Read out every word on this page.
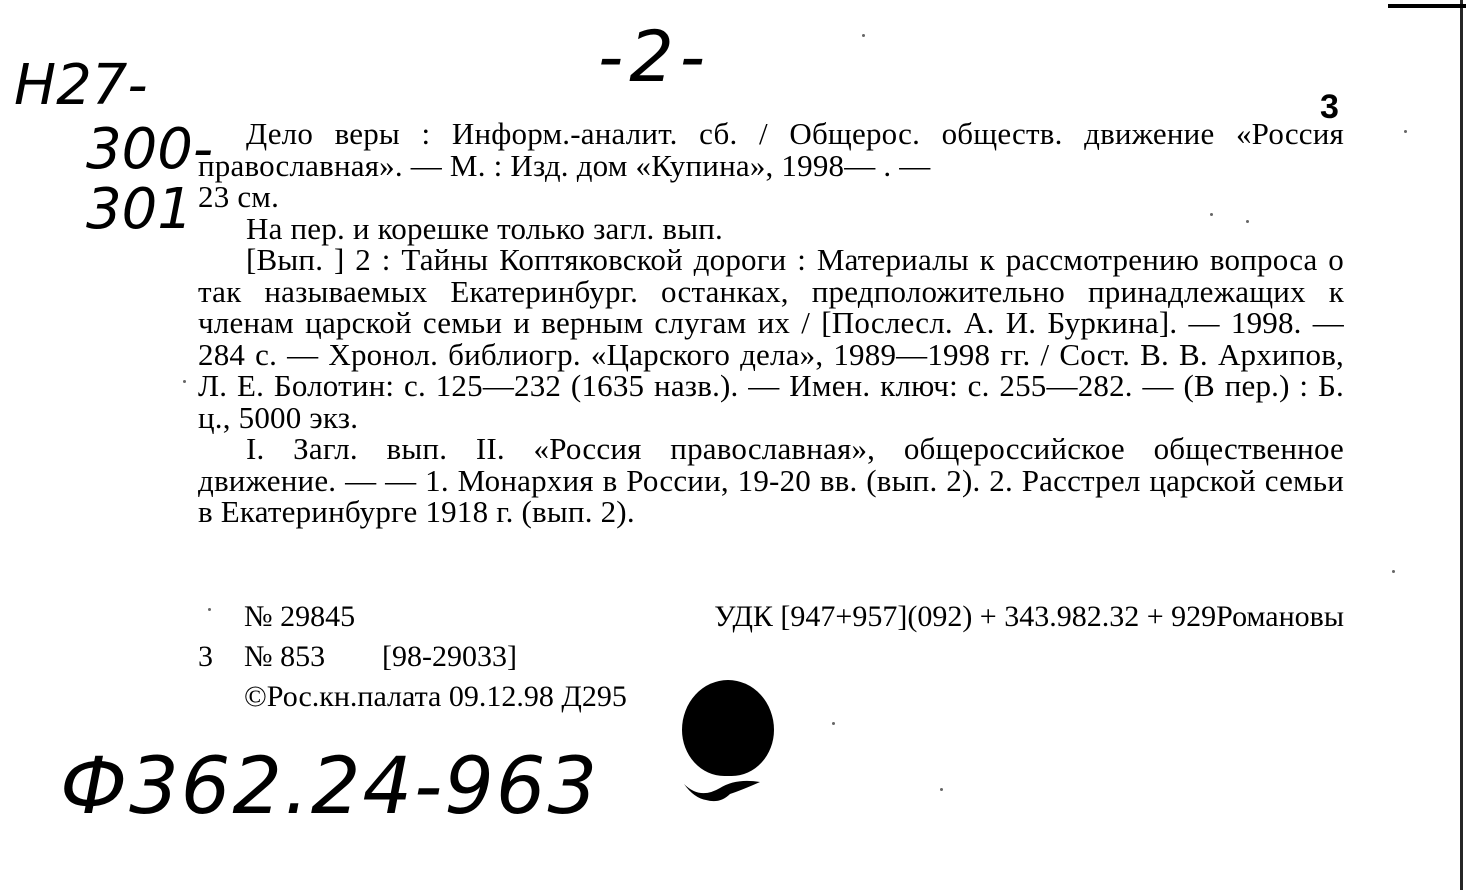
-2-
Н27-
300-
301
3

Дело веры : Информ.-аналит. сб. / Общерос. обществ. движение «Россия православная». — М. : Изд. дом «Купина», 1998— . —

23 см.

На пер. и корешке только загл. вып.

[Вып. ] 2 : Тайны Коптяковской дороги : Материалы к рассмотрению вопроса о так называемых Екатеринбург. останках, предположительно принадлежащих к членам царской семьи и верным слугам их / [Послесл. А. И. Буркина]. — 1998. — 284 с. — Хронол. библиогр. «Царского дела», 1989—1998 гг. / Сост. В. В. Архипов, Л. Е. Болотин: с. 125—232 (1635 назв.). — Имен. ключ: с. 255—282. — (В пер.) : Б. ц., 5000 экз.

I. Загл. вып. II. «Россия православная», общероссийское общественное движение. — — 1. Монархия в России, 19-20 вв. (вып. 2). 2. Расстрел царской семьи в Екатеринбурге 1918 г. (вып. 2).

№ 29845	УДК [947+957](092) + 343.982.32 + 929Романовы
3 № 853 [98-29033]
©Рос.кн.палата 09.12.98 Д295
Ф362.24-963
